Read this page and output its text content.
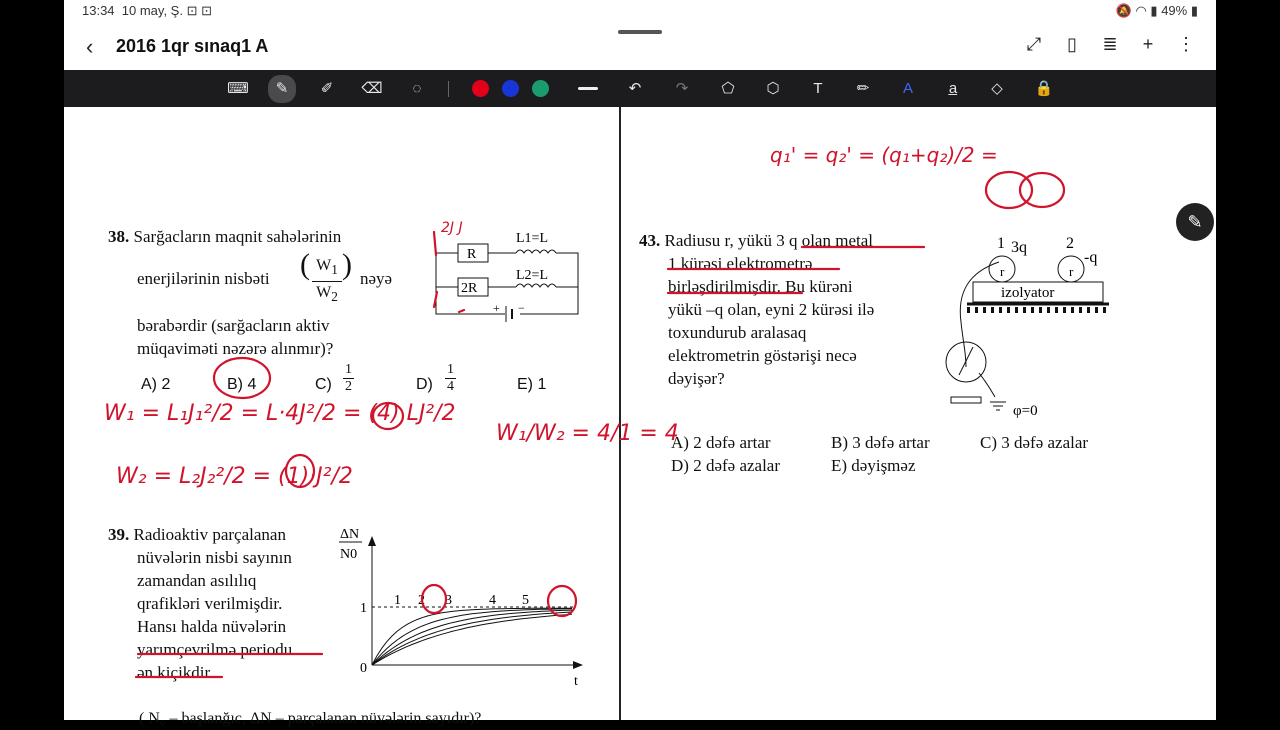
13:34 10 may, Ş. ⊡ ⊡	🔕 ◠ ▮ 49% ▮
‹ 2016 1qr sınaq1 A	⤢ ▯ ≣ + ⋮
⌨	✎	✐	⌫	◌	↶	↷	⬠	⬡	T	✏	A	a̲	◇	🔒
38. Sarğacların maqnit sahələrinin
enerjilərinin nisbəti ( $W_1$
$W_2$
) nəyə
bərabərdir (sarğacların aktiv
müqaviməti nəzərə alınmır)?
A) 2	B) 4	C)
1
2	D)
1
4	E) 1
R
2R
L1=L
L2=L
+ −
39. Radioaktiv parçalanan
nüvələrin nisbi sayının
zamandan asılılıq
qrafikləri verilmişdir.
Hansı halda nüvələrin
yarımçevrilmə periodu
ən kiçikdir
( N₀ – başlanğıc, ΔN – parçalanan nüvələrin sayıdır)?
ΔN
N0
1
0
t
1 2 3	4 5
43. Radiusu r, yükü 3 q olan metal
1 kürəsi elektrometrə
birləşdirilmişdir. Bu kürəni
yükü –q olan, eyni 2 kürəsi ilə
toxundurub aralasaq
elektrometrin göstərişi necə
dəyişər?
A) 2 dəfə artar	B) 3 dəfə artar	C) 3 dəfə azalar
D) 2 dəfə azalar	E) dəyişməz
1 3q 2
-q
r	r
izolyator
φ=0
W₁ = L₁J₁²/2 = L·4J²/2 = (4) LJ²/2
W₂ = L₂J₂²/2 = (1)·J²/2
W₁/W₂ = 4/1 = 4
q₁' = q₂' = (q₁+q₂)/2 =
2J J	✎
